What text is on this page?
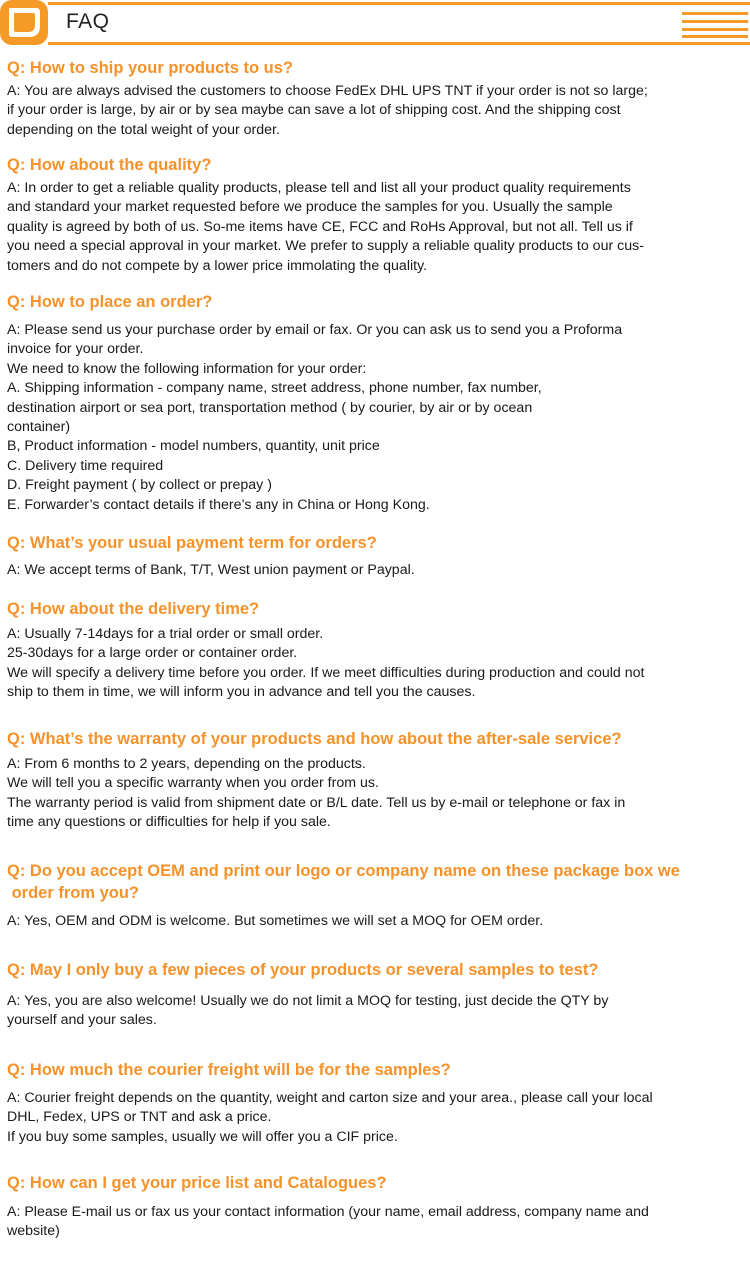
FAQ

Q: How to ship your products to us?

A: You are always advised the customers to choose FedEx DHL UPS TNT if your order is not so large;
if your order is large, by air or by sea maybe can save a lot of shipping cost. And the shipping cost
depending on the total weight of your order.

Q: How about the quality?

A: In order to get a reliable quality products, please tell and list all your product quality requirements
and standard your market requested before we produce the samples for you. Usually the sample
quality is agreed by both of us. So-me items have CE, FCC and RoHs Approval, but not all. Tell us if
you need a special approval in your market. We prefer to supply a reliable quality products to our cus-
tomers and do not compete by a lower price immolating the quality.

Q: How to place an order?

A: Please send us your purchase order by email or fax. Or you can ask us to send you a Proforma
invoice for your order.
We need to know the following information for your order:
A. Shipping information - company name, street address, phone number, fax number,
destination airport or sea port, transportation method ( by courier, by air or by ocean
container)
B, Product information - model numbers, quantity, unit price
C. Delivery time required
D. Freight payment ( by collect or prepay )
E. Forwarder’s contact details if there’s any in China or Hong Kong.

Q: What’s your usual payment term for orders?

A: We accept terms of Bank, T/T, West union payment or Paypal.

Q: How about the delivery time?

A: Usually 7-14days for a trial order or small order.
25-30days for a large order or container order.
We will specify a delivery time before you order. If we meet difficulties during production and could not
ship to them in time, we will inform you in advance and tell you the causes.

Q: What’s the warranty of your products and how about the after-sale service?

A: From 6 months to 2 years, depending on the products.
We will tell you a specific warranty when you order from us.
The warranty period is valid from shipment date or B/L date. Tell us by e-mail or telephone or fax in
time any questions or difficulties for help if you sale.

Q: Do you accept OEM and print our logo or company name on these package box we

order from you?

A: Yes, OEM and ODM is welcome. But sometimes we will set a MOQ for OEM order.

Q: May I only buy a few pieces of your products or several samples to test?

A: Yes, you are also welcome! Usually we do not limit a MOQ for testing, just decide the QTY by
yourself and your sales.

Q: How much the courier freight will be for the samples?

A: Courier freight depends on the quantity, weight and carton size and your area., please call your local
DHL, Fedex, UPS or TNT and ask a price.
If you buy some samples, usually we will offer you a CIF price.

Q: How can I get your price list and Catalogues?

A: Please E-mail us or fax us your contact information (your name, email address, company name and
website)
